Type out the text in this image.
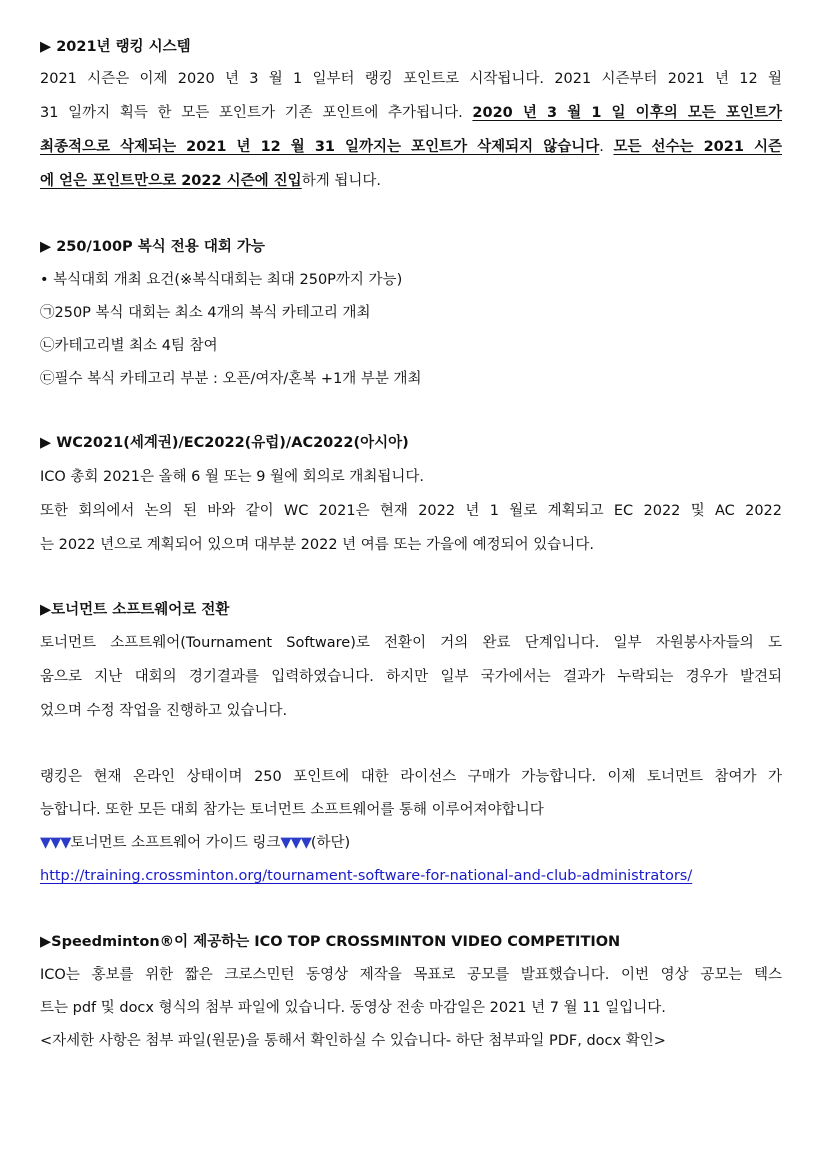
▶ 2021년 랭킹 시스템
2021 시즌은 이제 2020 년 3 월 1 일부터 랭킹 포인트로 시작됩니다. 2021 시즌부터 2021 년 12 월
31 일까지 획득 한 모든 포인트가 기존 포인트에 추가됩니다. 2020 년 3 월 1 일 이후의 모든 포인트가
최종적으로 삭제되는 2021 년 12 월 31 일까지는 포인트가 삭제되지 않습니다. 모든 선수는 2021 시즌
에 얻은 포인트만으로 2022 시즌에 진입하게 됩니다.
▶ 250/100P 복식 전용 대회 가능
• 복식대회 개최 요건(※복식대회는 최대 250P까지 가능)
㉠250P 복식 대회는 최소 4개의 복식 카테고리 개최
㉡카테고리별 최소 4팀 참여
㉢필수 복식 카테고리 부분 : 오픈/여자/혼복 +1개 부분 개최
▶ WC2021(세계권)/EC2022(유럽)/AC2022(아시아)
ICO 총회 2021은 올해 6 월 또는 9 월에 회의로 개최됩니다.
또한 회의에서 논의 된 바와 같이 WC 2021은 현재 2022 년 1 월로 계획되고 EC 2022 및 AC 2022
는 2022 년으로 계획되어 있으며 대부분 2022 년 여름 또는 가을에 예정되어 있습니다.
▶토너먼트 소프트웨어로 전환
토너먼트 소프트웨어(Tournament Software)로 전환이 거의 완료 단계입니다. 일부 자원봉사자들의 도
움으로 지난 대회의 경기결과를 입력하였습니다. 하지만 일부 국가에서는 결과가 누락되는 경우가 발견되
었으며 수정 작업을 진행하고 있습니다.
랭킹은 현재 온라인 상태이며 250 포인트에 대한 라이선스 구매가 가능합니다. 이제 토너먼트 참여가 가
능합니다. 또한 모든 대회 참가는 토너먼트 소프트웨어를 통해 이루어져야합니다
▼▼▼토너먼트 소프트웨어 가이드 링크▼▼▼(하단)
http://training.crossminton.org/tournament-software-for-national-and-club-administrators/
▶Speedminton®이 제공하는 ICO TOP CROSSMINTON VIDEO COMPETITION
ICO는 홍보를 위한 짧은 크로스민턴 동영상 제작을 목표로 공모를 발표했습니다. 이번 영상 공모는 텍스
트는 pdf 및 docx 형식의 첨부 파일에 있습니다. 동영상 전송 마감일은 2021 년 7 월 11 일입니다.
<자세한 사항은 첨부 파일(원문)을 통해서 확인하실 수 있습니다- 하단 첨부파일 PDF, docx 확인>
